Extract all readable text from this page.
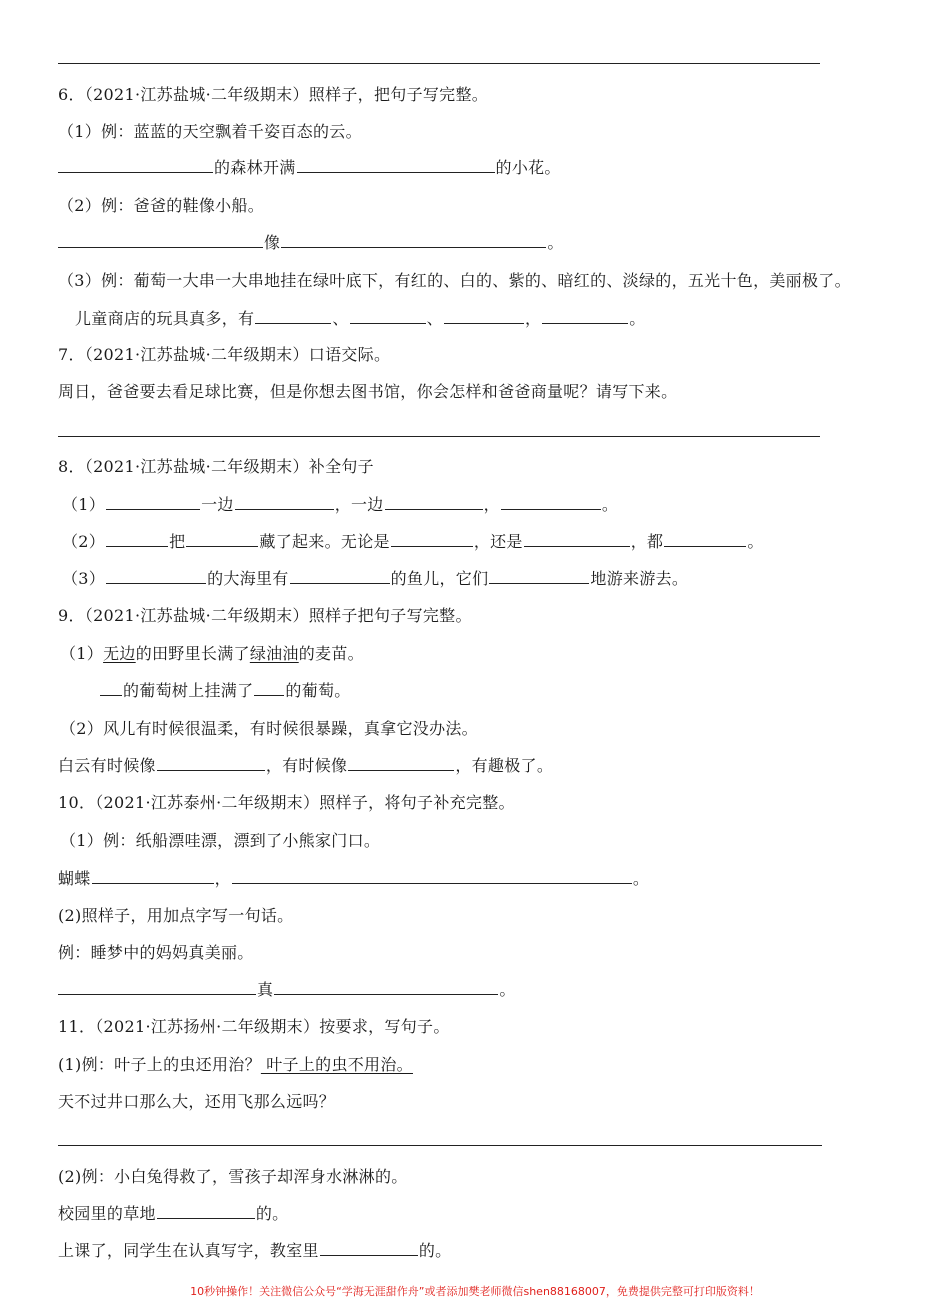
6．（2021·江苏盐城·二年级期末）照样子，把句子写完整。
（1）例：蓝蓝的天空飘着千姿百态的云。
的森林开满	的小花。
（2）例：爸爸的鞋像小船。
像	。
（3）例：葡萄一大串一大串地挂在绿叶底下，有红的、白的、紫的、暗红的、淡绿的，五光十色，美丽极了。
儿童商店的玩具真多，有	、	、	，	。
7．（2021·江苏盐城·二年级期末）口语交际。
周日，爸爸要去看足球比赛，但是你想去图书馆，你会怎样和爸爸商量呢？请写下来。
8．（2021·江苏盐城·二年级期末）补全句子
（1）	一边	，一边	，	。
（2）	把	藏了起来。无论是	，还是	，都	。
（3）	的大海里有	的鱼儿，它们	地游来游去。
9．（2021·江苏盐城·二年级期末）照样子把句子写完整。
（1）无边的田野里长满了绿油油的麦苗。
的葡萄树上挂满了 的葡萄。
（2）风儿有时候很温柔，有时候很暴躁，真拿它没办法。
白云有时候像	，有时候像	，有趣极了。
10．（2021·江苏泰州·二年级期末）照样子，将句子补充完整。
（1）例：纸船漂哇漂，漂到了小熊家门口。
蝴蝶	，	。
(2)照样子，用加点字写一句话。
例：睡梦中的妈妈真美丽。
真	。
11．（2021·江苏扬州·二年级期末）按要求，写句子。
(1)例：叶子上的虫还用治？ 叶子上的虫不用治。
天不过井口那么大，还用飞那么远吗？
(2)例：小白兔得救了，雪孩子却浑身水淋淋的。
校园里的草地	的。
上课了，同学生在认真写字，教室里	的。
10秒钟操作！关注微信公众号“学海无涯甜作舟”或者添加樊老师微信shen88168007，免费提供完整可打印版资料！
